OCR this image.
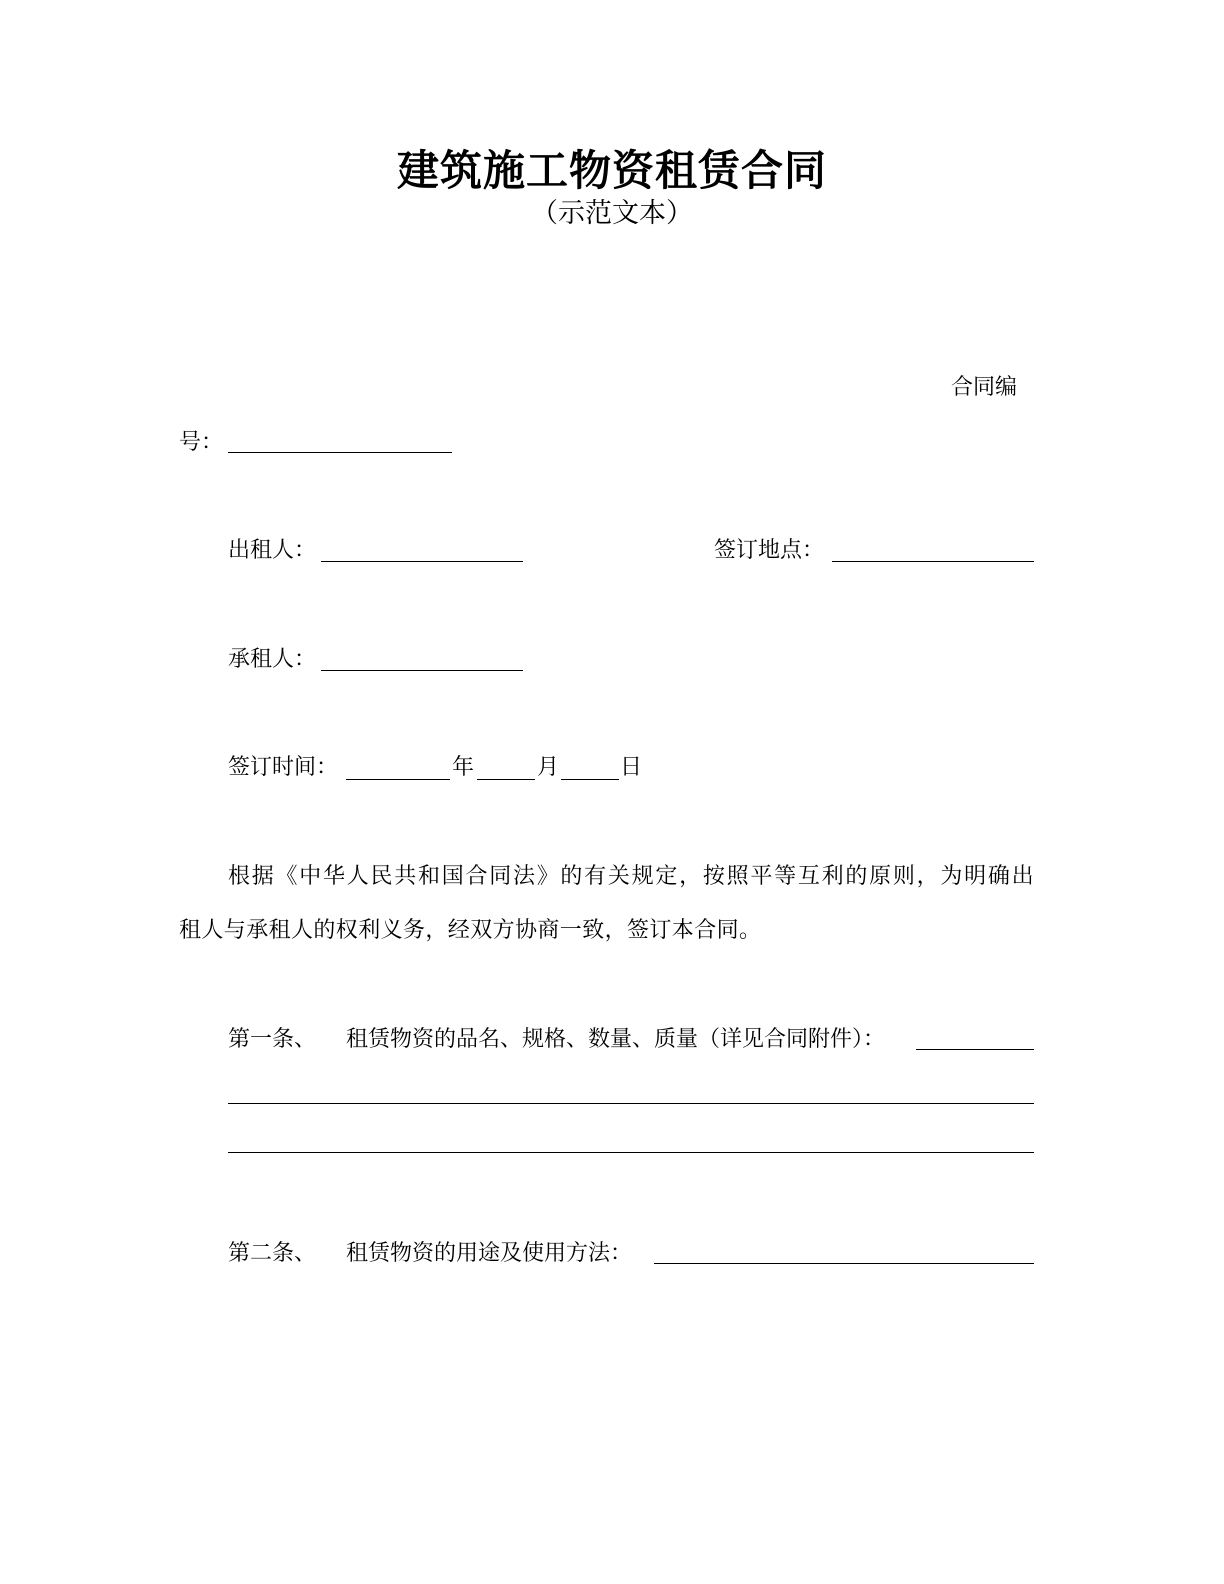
建筑施工物资租赁合同
（示范文本）
合同编
号：
出租人：	签订地点：
承租人：
签订时间：	年	月	日
根据《中华人民共和国合同法》的有关规定，按照平等互利的原则，为明确出
租人与承租人的权利义务，经双方协商一致，签订本合同。
第一条、 租赁物资的品名、规格、数量、质量（详见合同附件）：
第二条、 租赁物资的用途及使用方法：
